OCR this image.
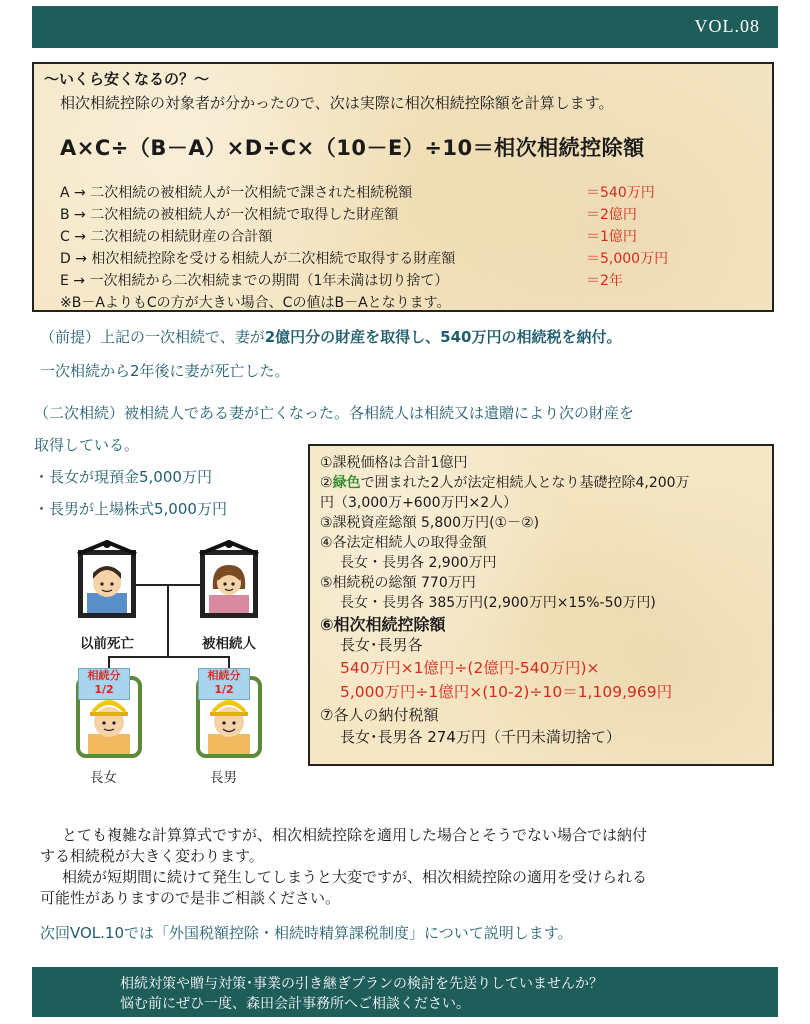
VOL.08
～いくら安くなるの？～
相次相続控除の対象者が分かったので、次は実際に相次相続控除額を計算します。
A×C÷（B－A）×D÷C×（10－E）÷10＝相次相続控除額
A → 二次相続の被相続人が一次相続で課された相続税額	＝540万円
B → 二次相続の被相続人が一次相続で取得した財産額	＝2億円
C → 二次相続の相続財産の合計額	＝1億円
D → 相次相続控除を受ける相続人が二次相続で取得する財産額	＝5,000万円
E → 一次相続から二次相続までの期間（1年未満は切り捨て）	＝2年
※B－AよりもCの方が大きい場合、Cの値はB－Aとなります。
（前提）上記の一次相続で、妻が2億円分の財産を取得し、540万円の相続税を納付。
一次相続から2年後に妻が死亡した。
（二次相続）被相続人である妻が亡くなった。各相続人は相続又は遺贈により次の財産を
取得している。
・長女が現預金5,000万円
・長男が上場株式5,000万円
以前死亡	被相続人
相続分
1/2
相続分
1/2
長女	長男
①課税価格は合計1億円
②緑色で囲まれた2人が法定相続人となり基礎控除4,200万
円（3,000万+600万円×2人）
③課税資産総額 5,800万円(①－②)
④各法定相続人の取得金額
長女・長男各 2,900万円
⑤相続税の総額 770万円
長女・長男各 385万円(2,900万円×15%-50万円)
⑥相次相続控除額
長女･長男各
540万円×1億円÷(2億円-540万円)×
5,000万円÷1億円×(10-2)÷10＝1,109,969円
⑦各人の納付税額
長女･長男各 274万円（千円未満切捨て）
とても複雑な計算算式ですが、相次相続控除を適用した場合とそうでない場合では納付
する相続税が大きく変わります。
相続が短期間に続けて発生してしまうと大変ですが、相次相続控除の適用を受けられる
可能性がありますので是非ご相談ください。
次回VOL.10では「外国税額控除・相続時精算課税制度」について説明します。
相続対策や贈与対策･事業の引き継ぎプランの検討を先送りしていませんか？
悩む前にぜひ一度、森田会計事務所へご相談ください。
